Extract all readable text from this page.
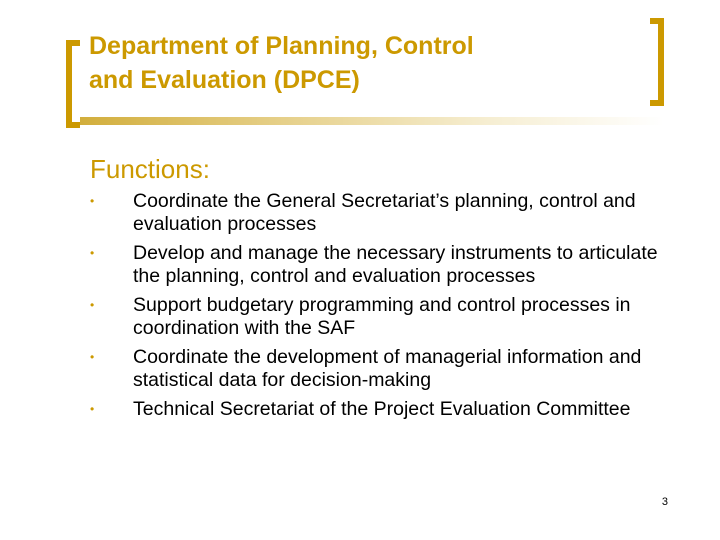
Department of Planning, Control
and Evaluation (DPCE)
Functions:
• Coordinate the General Secretariat’s planning, control and evaluation processes
• Develop and manage the necessary instruments to articulate the planning, control and evaluation processes
• Support budgetary programming and control processes in coordination with the SAF
• Coordinate the development of managerial information and statistical data for decision-making
• Technical Secretariat of the Project Evaluation Committee
3
